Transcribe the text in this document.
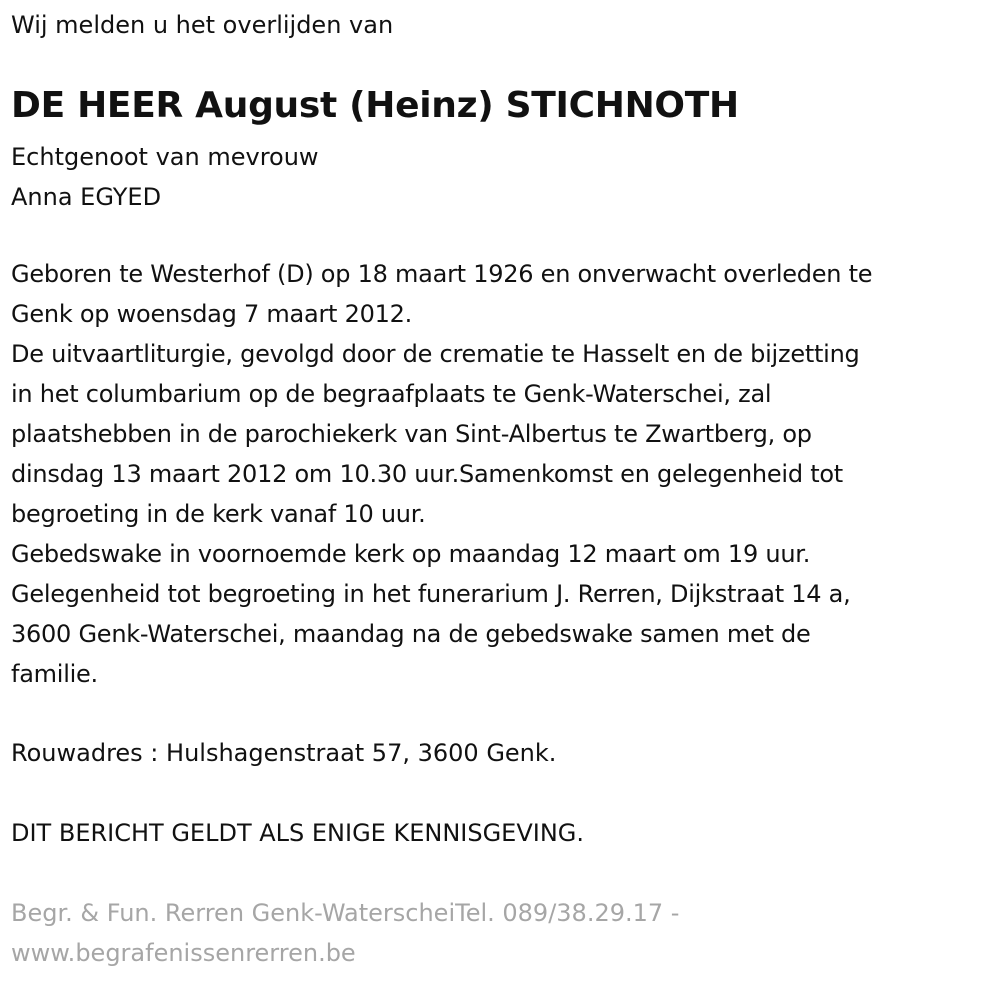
Wij melden u het overlijden van
DE HEER August (Heinz) STICHNOTH
Echtgenoot van mevrouw
Anna EGYED
Geboren te Westerhof (D) op 18 maart 1926 en onverwacht overleden te
Genk op woensdag 7 maart 2012.
De uitvaartliturgie, gevolgd door de crematie te Hasselt en de bijzetting
in het columbarium op de begraafplaats te Genk-Waterschei, zal
plaatshebben in de parochiekerk van Sint-Albertus te Zwartberg, op
dinsdag 13 maart 2012 om 10.30 uur.Samenkomst en gelegenheid tot
begroeting in de kerk vanaf 10 uur.
Gebedswake in voornoemde kerk op maandag 12 maart om 19 uur.
Gelegenheid tot begroeting in het funerarium J. Rerren, Dijkstraat 14 a,
3600 Genk-Waterschei, maandag na de gebedswake samen met de
familie.
Rouwadres : Hulshagenstraat 57, 3600 Genk.
DIT BERICHT GELDT ALS ENIGE KENNISGEVING.
Begr. & Fun. Rerren Genk-WaterscheiTel. 089/38.29.17 -
www.begrafenissenrerren.be
